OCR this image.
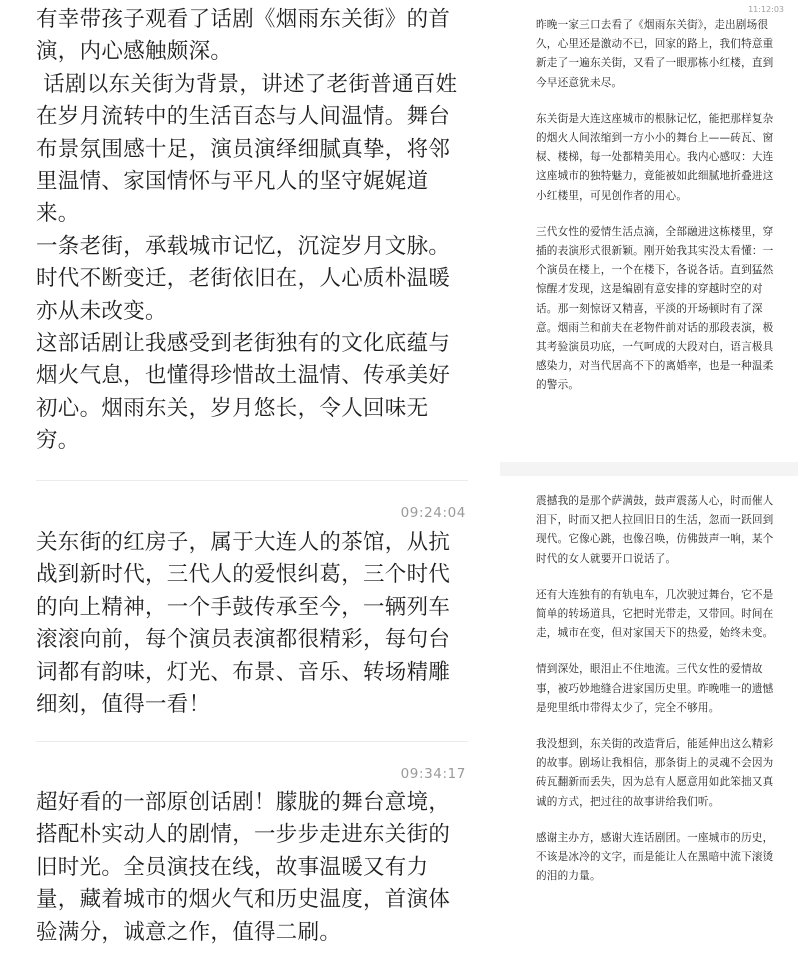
有幸带孩子观看了话剧《烟雨东关街》的首演，内心感触颇深。

话剧以东关街为背景，讲述了老街普通百姓在岁月流转中的生活百态与人间温情。舞台布景氛围感十足，演员演绎细腻真挚，将邻里温情、家国情怀与平凡人的坚守娓娓道来。

一条老街，承载城市记忆，沉淀岁月文脉。时代不断变迁，老街依旧在，人心质朴温暖亦从未改变。

这部话剧让我感受到老街独有的文化底蕴与烟火气息，也懂得珍惜故土温情、传承美好初心。烟雨东关，岁月悠长，令人回味无穷。

09:24:04

关东街的红房子，属于大连人的茶馆，从抗战到新时代，三代人的爱恨纠葛，三个时代的向上精神，一个手鼓传承至今，一辆列车滚滚向前，每个演员表演都很精彩，每句台词都有韵味，灯光、布景、音乐、转场精雕细刻，值得一看！

09:34:17

超好看的一部原创话剧！朦胧的舞台意境，搭配朴实动人的剧情，一步步走进东关街的旧时光。全员演技在线，故事温暖又有力量，藏着城市的烟火气和历史温度，首演体验满分，诚意之作，值得二刷。

11:12:03

昨晚一家三口去看了《烟雨东关街》，走出剧场很久，心里还是激动不已，回家的路上，我们特意重新走了一遍东关街，又看了一眼那栋小红楼，直到今早还意犹未尽。

东关街是大连这座城市的根脉记忆，能把那样复杂的烟火人间浓缩到一方小小的舞台上——砖瓦、窗棂、楼梯，每一处都精美用心。我内心感叹：大连这座城市的独特魅力，竟能被如此细腻地折叠进这小红楼里，可见创作者的用心。

三代女性的爱情生活点滴，全部融进这栋楼里，穿插的表演形式很新颖。刚开始我其实没太看懂：一个演员在楼上，一个在楼下，各说各话。直到猛然惊醒才发现，这是编剧有意安排的穿越时空的对话。那一刻惊讶又精喜，平淡的开场顿时有了深意。烟雨兰和前夫在老物件前对话的那段表演，极其考验演员功底，一气呵成的大段对白，语言极具感染力，对当代居高不下的离婚率，也是一种温柔的警示。

震撼我的是那个萨满鼓，鼓声震荡人心，时而催人泪下，时而又把人拉回旧日的生活，忽而一跃回到现代。它像心跳，也像召唤，仿佛鼓声一响，某个时代的女人就要开口说话了。

还有大连独有的有轨电车，几次驶过舞台，它不是简单的转场道具，它把时光带走，又带回。时间在走，城市在变，但对家国天下的热爱，始终未变。

情到深处，眼泪止不住地流。三代女性的爱情故事，被巧妙地缝合进家国历史里。昨晚唯一的遗憾是兜里纸巾带得太少了，完全不够用。

我没想到，东关街的改造背后，能延伸出这么精彩的故事。剧场让我相信，那条街上的灵魂不会因为砖瓦翻新而丢失，因为总有人愿意用如此笨拙又真诚的方式，把过往的故事讲给我们听。

感谢主办方，感谢大连话剧团。一座城市的历史，不该是冰冷的文字，而是能让人在黑暗中流下滚烫的泪的力量。
